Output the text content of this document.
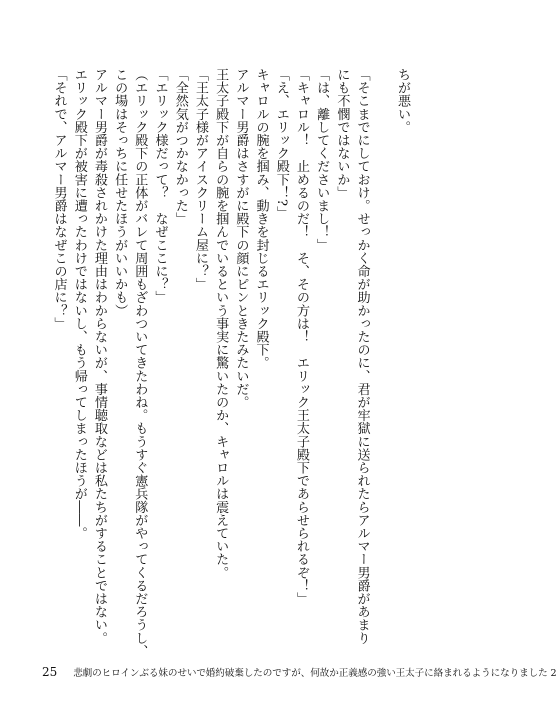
ちが悪い。
「そこまでにしておけ。せっかく命が助かったのに、君が牢獄に送られたらアルマー男爵があまり
にも不憫ではないか」
「は、離してくださいまし！」
「キャロル！　止めるのだ！　そ、その方は！　エリック王太子殿下であらせられるぞ！」
「え、エリック殿下！?」
キャロルの腕を掴み、動きを封じるエリック殿下。
アルマー男爵はさすがに殿下の顔にピンときたみたいだ。
王太子殿下が自らの腕を掴んでいるという事実に驚いたのか、キャロルは震えていた。
「王太子様がアイスクリーム屋に？」
「全然気がつかなかった」
「エリック様だって？　なぜここに？」
（エリック殿下の正体がバレて周囲もざわついてきたわね。もうすぐ憲兵隊がやってくるだろうし、
この場はそっちに任せたほうがいいかも）
アルマー男爵が毒殺されかけた理由はわからないが、事情聴取などは私たちがすることではない。
エリック殿下が被害に遭ったわけではないし、もう帰ってしまったほうが――。
「それで、アルマー男爵はなぜこの店に？」
25 悲劇のヒロインぶる妹のせいで婚約破棄したのですが、何故か正義感の強い王太子に絡まれるようになりました 2
